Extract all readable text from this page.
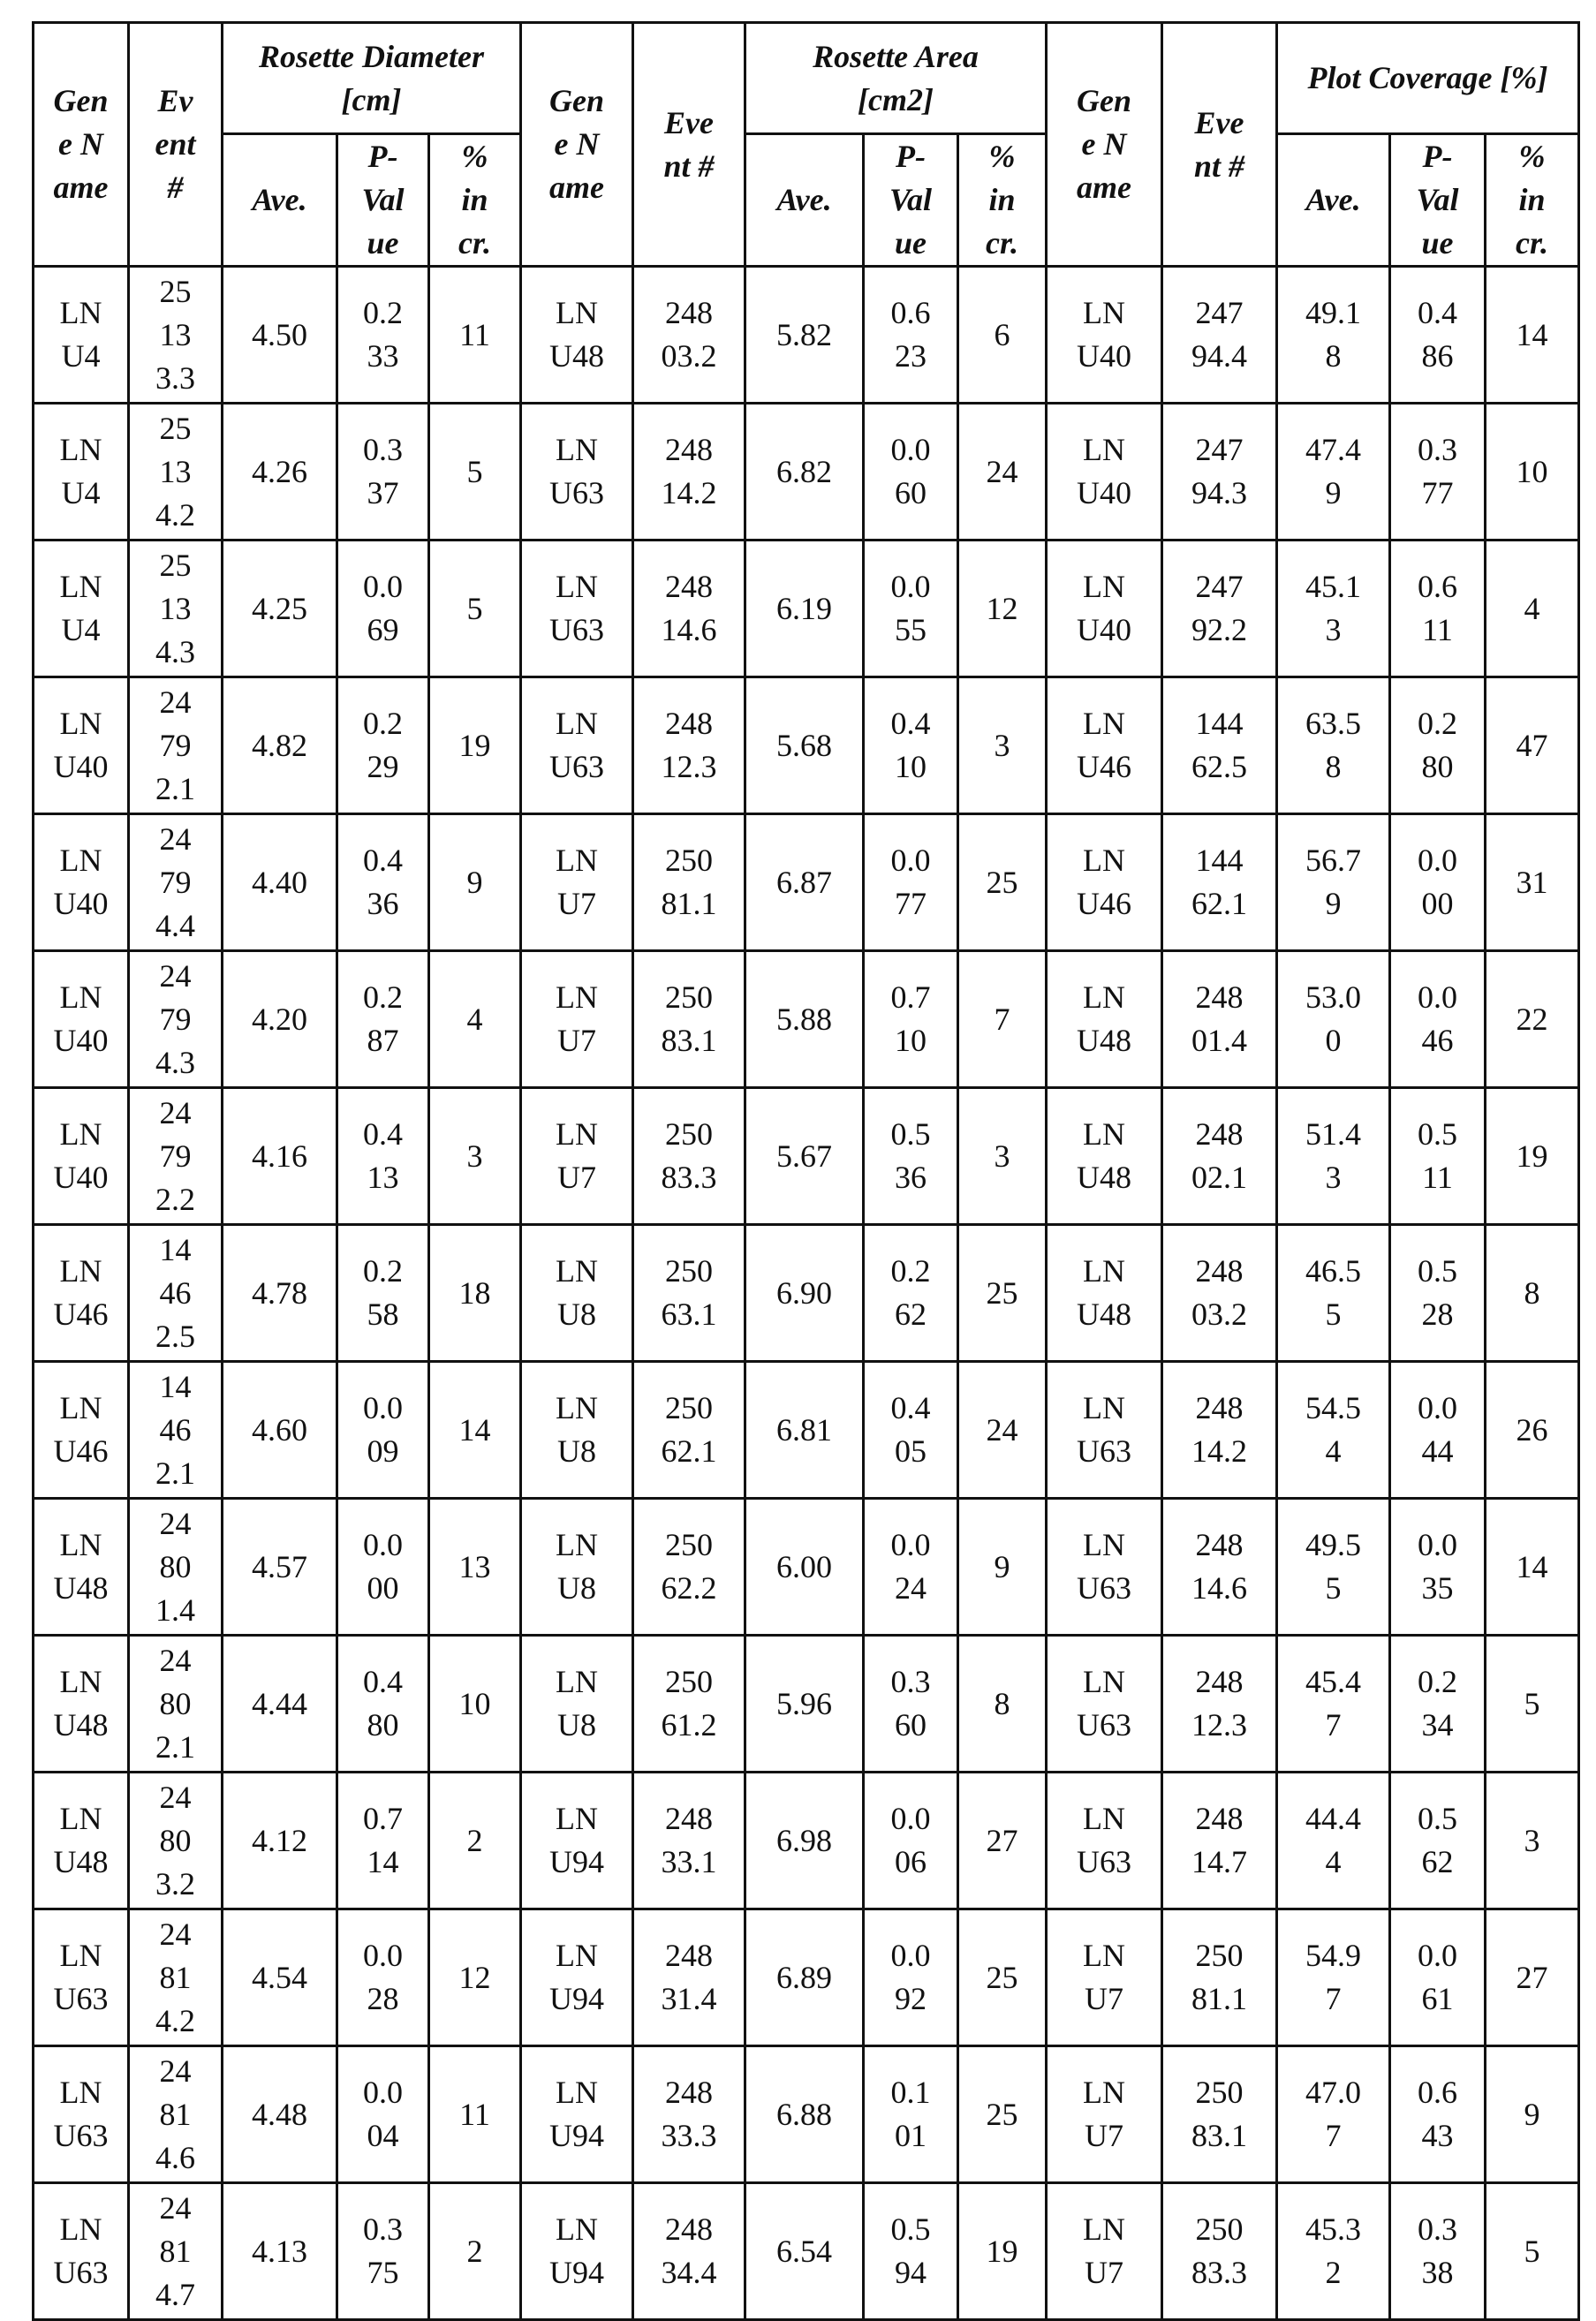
Gene Name	Event #	Rosette Diameter [cm]	Gene Name	Event #	Rosette Area [cm2]	Gene Name	Event #	Plot Coverage [%]
Ave.	P-Value	% incr.	Ave.	P-Value	% incr.	Ave.	P-Value	% incr.
LNU4	25133.3	4.50	0.233	11	LNU48	24803.2	5.82	0.623	6	LNU40	24794.4	49.18	0.486	14
LNU4	25134.2	4.26	0.337	5	LNU63	24814.2	6.82	0.060	24	LNU40	24794.3	47.49	0.377	10
LNU4	25134.3	4.25	0.069	5	LNU63	24814.6	6.19	0.055	12	LNU40	24792.2	45.13	0.611	4
LNU40	24792.1	4.82	0.229	19	LNU63	24812.3	5.68	0.410	3	LNU46	14462.5	63.58	0.280	47
LNU40	24794.4	4.40	0.436	9	LNU7	25081.1	6.87	0.077	25	LNU46	14462.1	56.79	0.000	31
LNU40	24794.3	4.20	0.287	4	LNU7	25083.1	5.88	0.710	7	LNU48	24801.4	53.00	0.046	22
LNU40	24792.2	4.16	0.413	3	LNU7	25083.3	5.67	0.536	3	LNU48	24802.1	51.43	0.511	19
LNU46	14462.5	4.78	0.258	18	LNU8	25063.1	6.90	0.262	25	LNU48	24803.2	46.55	0.528	8
LNU46	14462.1	4.60	0.009	14	LNU8	25062.1	6.81	0.405	24	LNU63	24814.2	54.54	0.044	26
LNU48	24801.4	4.57	0.000	13	LNU8	25062.2	6.00	0.024	9	LNU63	24814.6	49.55	0.035	14
LNU48	24802.1	4.44	0.480	10	LNU8	25061.2	5.96	0.360	8	LNU63	24812.3	45.47	0.234	5
LNU48	24803.2	4.12	0.714	2	LNU94	24833.1	6.98	0.006	27	LNU63	24814.7	44.44	0.562	3
LNU63	24814.2	4.54	0.028	12	LNU94	24831.4	6.89	0.092	25	LNU7	25081.1	54.97	0.061	27
LNU63	24814.6	4.48	0.004	11	LNU94	24833.3	6.88	0.101	25	LNU7	25083.1	47.07	0.643	9
LNU63	24814.7	4.13	0.375	2	LNU94	24834.4	6.54	0.594	19	LNU7	25083.3	45.32	0.338	5
